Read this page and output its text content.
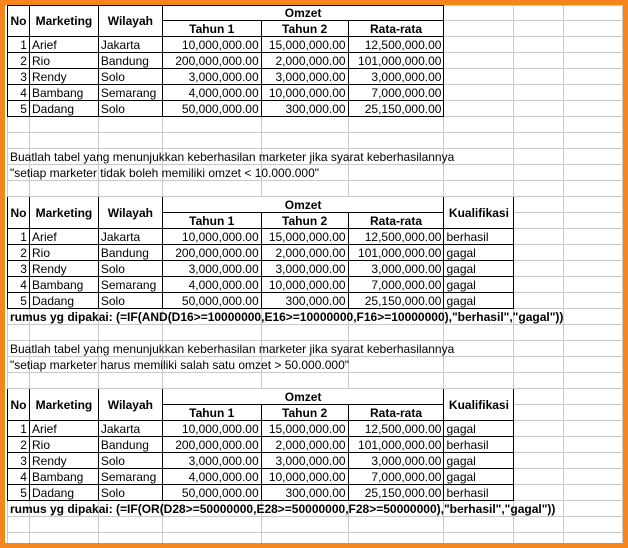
No	Marketing	Wilayah	Omzet					
			Tahun 1	Tahun 2	Rata-rata			
1	Arief	Jakarta	10,000,000.00	15,000,000.00	12,500,000.00			
2	Rio	Bandung	200,000,000.00	2,000,000.00	101,000,000.00			
3	Rendy	Solo	3,000,000.00	3,000,000.00	3,000,000.00			
4	Bambang	Semarang	4,000,000.00	10,000,000.00	7,000,000.00			
5	Dadang	Solo	50,000,000.00	300,000.00	25,150,000.00			

Buatlah tabel yang menunjukkan keberhasilan marketer jika syarat keberhasilannya								

"setiap marketer tidak boleh memiliki omzet < 10.000.000"								

No	Marketing	Wilayah	Omzet			Kualifikasi		
			Tahun 1	Tahun 2	Rata-rata			
1	Arief	Jakarta	10,000,000.00	15,000,000.00	12,500,000.00	berhasil		
2	Rio	Bandung	200,000,000.00	2,000,000.00	101,000,000.00	gagal		
3	Rendy	Solo	3,000,000.00	3,000,000.00	3,000,000.00	gagal		
4	Bambang	Semarang	4,000,000.00	10,000,000.00	7,000,000.00	gagal		
5	Dadang	Solo	50,000,000.00	300,000.00	25,150,000.00	gagal		

rumus yg dipakai: (=IF(AND(D16>=10000000,E16>=10000000,F16>=10000000),"berhasil","gagal"))								

Buatlah tabel yang menunjukkan keberhasilan marketer jika syarat keberhasilannya								

"setiap marketer harus memiliki salah satu omzet > 50.000.000"								

No	Marketing	Wilayah	Omzet			Kualifikasi		
			Tahun 1	Tahun 2	Rata-rata			
1	Arief	Jakarta	10,000,000.00	15,000,000.00	12,500,000.00	gagal		
2	Rio	Bandung	200,000,000.00	2,000,000.00	101,000,000.00	berhasil		
3	Rendy	Solo	3,000,000.00	3,000,000.00	3,000,000.00	gagal		
4	Bambang	Semarang	4,000,000.00	10,000,000.00	7,000,000.00	gagal		
5	Dadang	Solo	50,000,000.00	300,000.00	25,150,000.00	berhasil		

rumus yg dipakai: (=IF(OR(D28>=50000000,E28>=50000000,F28>=50000000),"berhasil","gagal"))								
